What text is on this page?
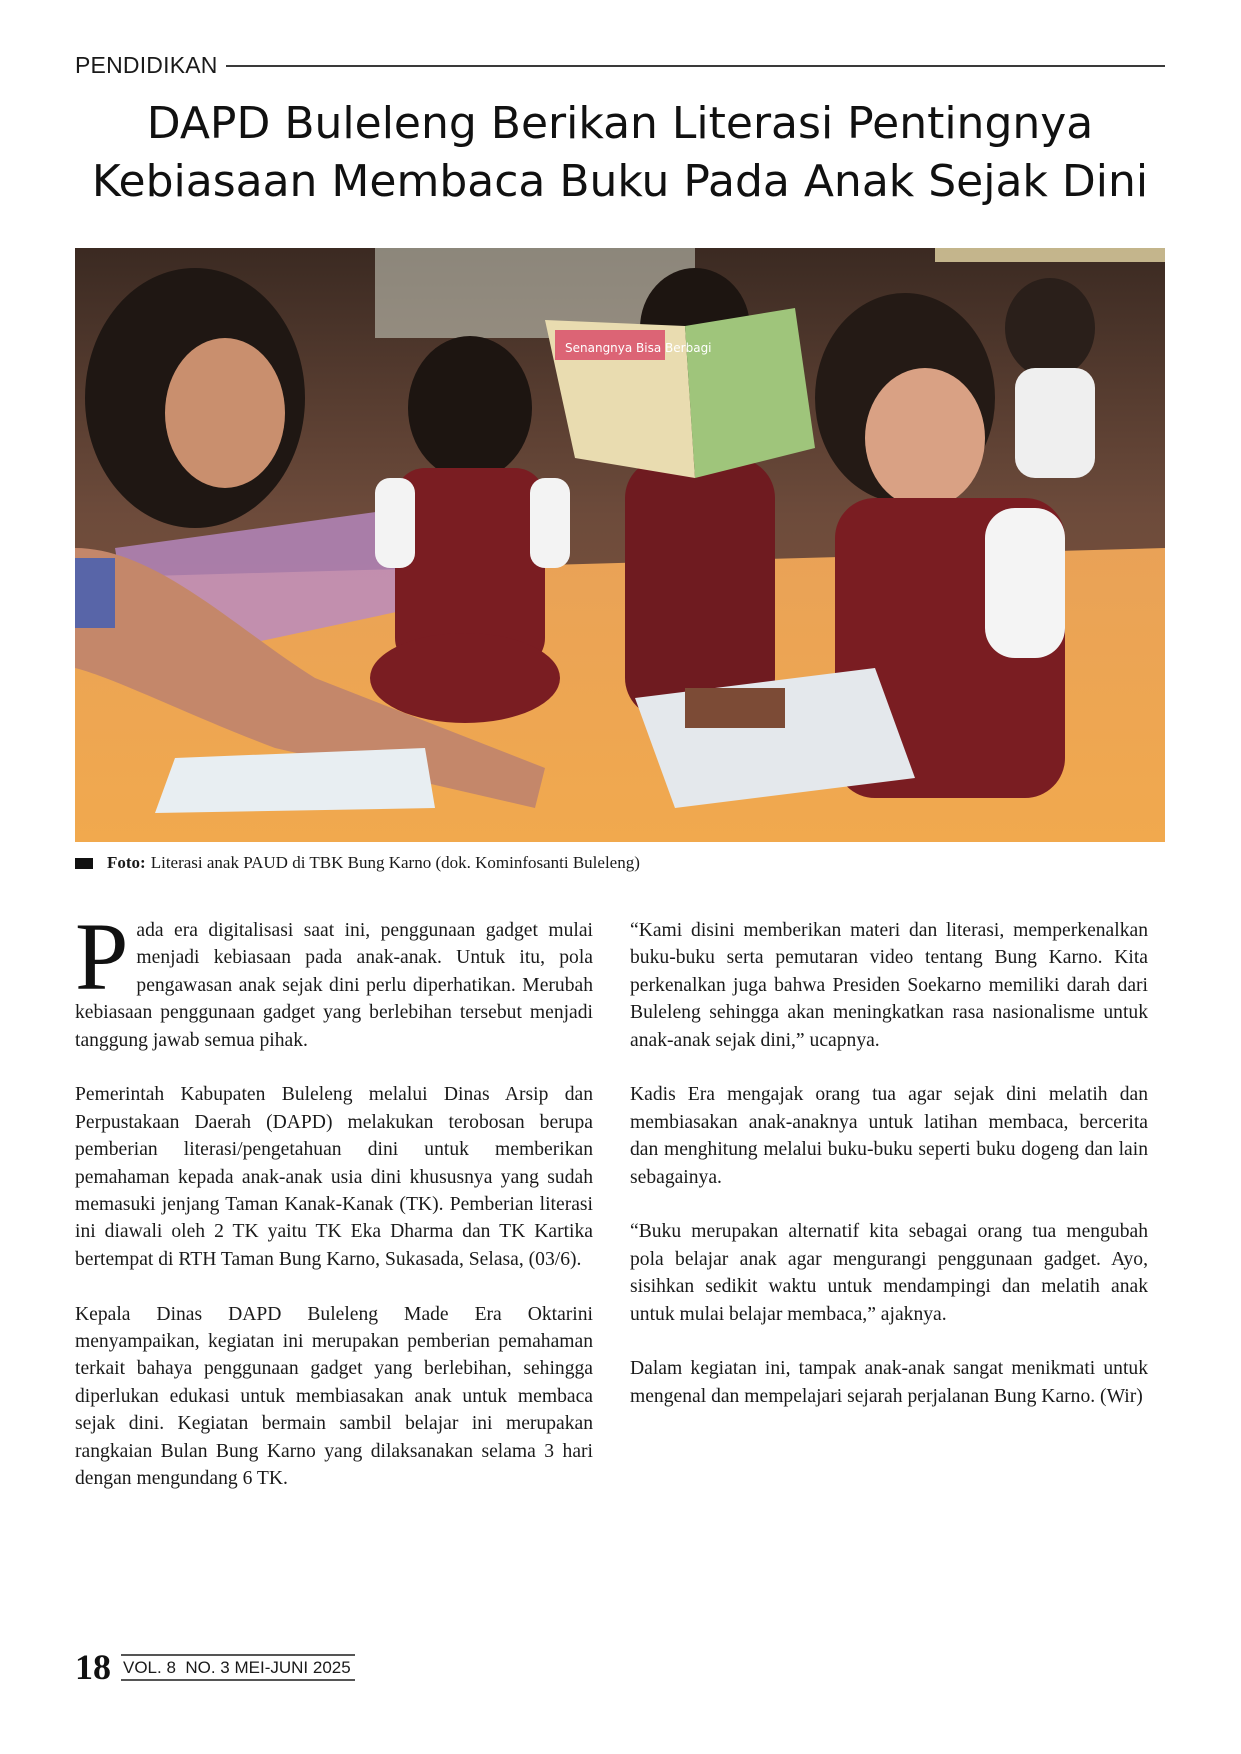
PENDIDIKAN
DAPD Buleleng Berikan Literasi Pentingnya
Kebiasaan Membaca Buku Pada Anak Sejak Dini
Senangnya Bisa Berbagi
Foto: Literasi anak PAUD di TBK Bung Karno (dok. Kominfosanti Buleleng)

Pada era digitalisasi saat ini, penggunaan gadget mulai menjadi kebiasaan pada anak-anak. Untuk itu, pola pengawasan anak sejak dini perlu diperhatikan. Merubah kebiasaan penggunaan gadget yang berlebihan tersebut menjadi tanggung jawab semua pihak.

Pemerintah Kabupaten Buleleng melalui Dinas Arsip dan Perpustakaan Daerah (DAPD) melakukan terobosan berupa pemberian literasi/pengetahuan dini untuk memberikan pemahaman kepada anak-anak usia dini khususnya yang sudah memasuki jenjang Taman Kanak-Kanak (TK). Pemberian literasi ini diawali oleh 2 TK yaitu TK Eka Dharma dan TK Kartika bertempat di RTH Taman Bung Karno, Sukasada, Selasa, (03/6).

Kepala Dinas DAPD Buleleng Made Era Oktarini menyampaikan, kegiatan ini merupakan pemberian pemahaman terkait bahaya penggunaan gadget yang berlebihan, sehingga diperlukan edukasi untuk membiasakan anak untuk membaca sejak dini. Kegiatan bermain sambil belajar ini merupakan rangkaian Bulan Bung Karno yang dilaksanakan selama 3 hari dengan mengundang 6 TK.

“Kami disini memberikan materi dan literasi, memperkenalkan buku-buku serta pemutaran video tentang Bung Karno. Kita perkenalkan juga bahwa Presiden Soekarno memiliki darah dari Buleleng sehingga akan meningkatkan rasa nasionalisme untuk anak-anak sejak dini,” ucapnya.

Kadis Era mengajak orang tua agar sejak dini melatih dan membiasakan anak-anaknya untuk latihan membaca, bercerita dan menghitung melalui buku-buku seperti buku dogeng dan lain sebagainya.

“Buku merupakan alternatif kita sebagai orang tua mengubah pola belajar anak agar mengurangi penggunaan gadget. Ayo, sisihkan sedikit waktu untuk mendampingi dan melatih anak untuk mulai belajar membaca,” ajaknya.

Dalam kegiatan ini, tampak anak-anak sangat menikmati untuk mengenal dan mempelajari sejarah perjalanan Bung Karno. (Wir)

18 VOL. 8  NO. 3 MEI-JUNI 2025
